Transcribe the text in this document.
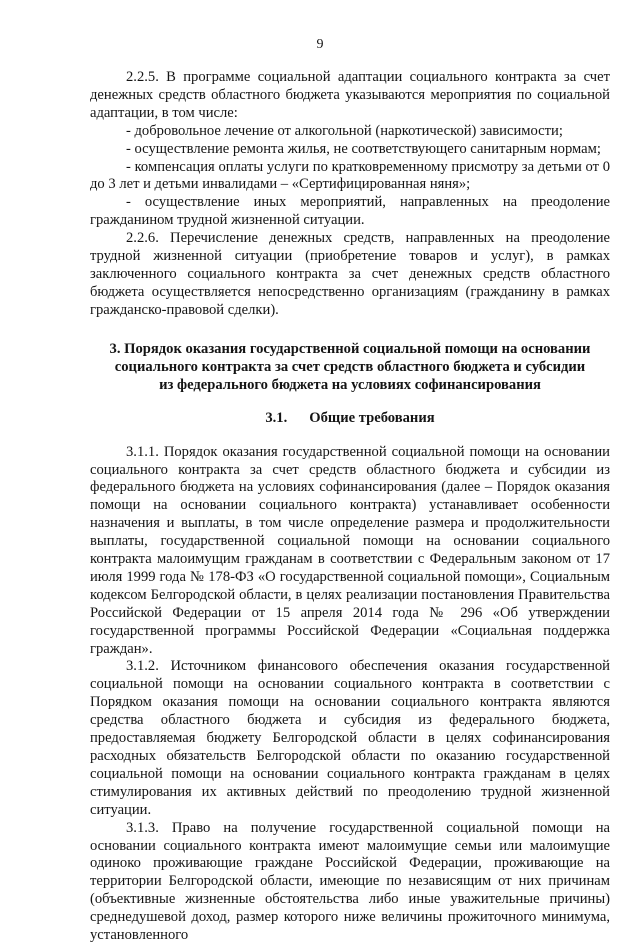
9

2.2.5. В программе социальной адаптации социального контракта за счет денежных средств областного бюджета указываются мероприятия по социальной адаптации, в том числе:

- добровольное лечение от алкогольной (наркотической) зависимости;

- осуществление ремонта жилья, не соответствующего санитарным нормам;

- компенсация оплаты услуги по кратковременному присмотру за детьми от 0 до 3 лет и детьми инвалидами – «Сертифицированная няня»;

- осуществление иных мероприятий, направленных на преодоление гражданином трудной жизненной ситуации.

2.2.6. Перечисление денежных средств, направленных на преодоление трудной жизненной ситуации (приобретение товаров и услуг), в рамках заключенного социального контракта за счет денежных средств областного бюджета осуществляется непосредственно организациям (гражданину в рамках гражданско-правовой сделки).

3. Порядок оказания государственной социальной помощи на основании
социального контракта за счет средств областного бюджета и субсидии
из федерального бюджета на условиях софинансирования

3.1. Общие требования

3.1.1. Порядок оказания государственной социальной помощи на основании социального контракта за счет средств областного бюджета и субсидии из федерального бюджета на условиях софинансирования (далее – Порядок оказания помощи на основании социального контракта) устанавливает особенности назначения и выплаты, в том числе определение размера и продолжительности выплаты, государственной социальной помощи на основании социального контракта малоимущим гражданам в соответствии с Федеральным законом от 17 июля 1999 года № 178-ФЗ «О государственной социальной помощи», Социальным кодексом Белгородской области, в целях реализации постановления Правительства Российской Федерации от 15 апреля 2014 года № 296 «Об утверждении государственной программы Российской Федерации «Социальная поддержка граждан».

3.1.2. Источником финансового обеспечения оказания государственной социальной помощи на основании социального контракта в соответствии с Порядком оказания помощи на основании социального контракта являются средства областного бюджета и субсидия из федерального бюджета, предоставляемая бюджету Белгородской области в целях софинансирования расходных обязательств Белгородской области по оказанию государственной социальной помощи на основании социального контракта гражданам в целях стимулирования их активных действий по преодолению трудной жизненной ситуации.

3.1.3. Право на получение государственной социальной помощи на основании социального контракта имеют малоимущие семьи или малоимущие одиноко проживающие граждане Российской Федерации, проживающие на территории Белгородской области, имеющие по независящим от них причинам (объективные жизненные обстоятельства либо иные уважительные причины) среднедушевой доход, размер которого ниже величины прожиточного минимума, установленного
